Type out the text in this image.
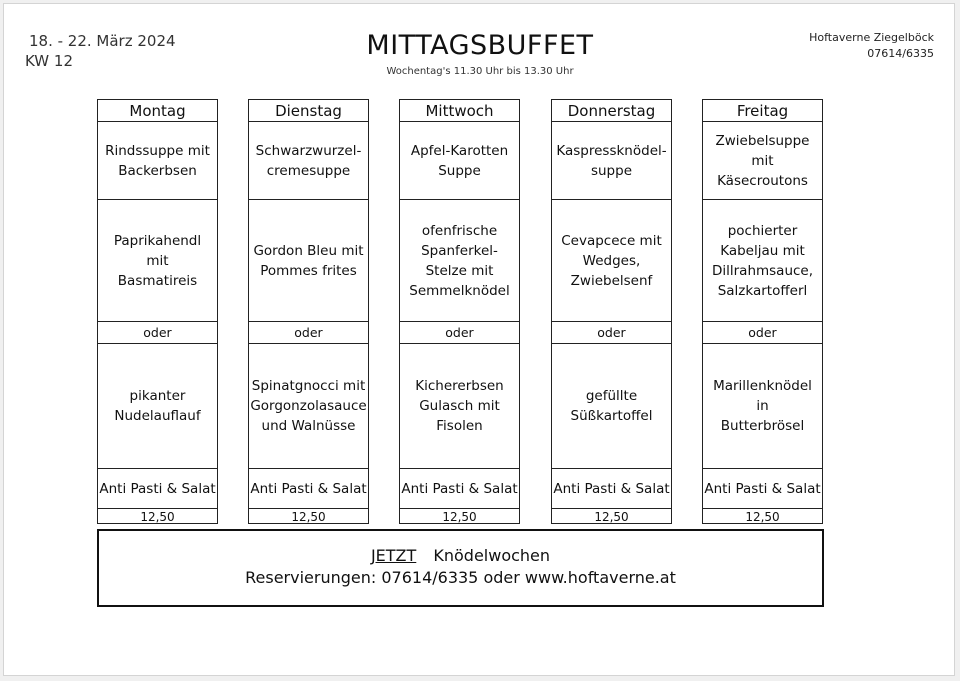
18. - 22. März 2024
KW 12	MITTAGSBUFFET
Wochentag's 11.30 Uhr bis 13.30 Uhr
Hoftaverne Ziegelböck
07614/6335
Montag
Rindssuppe mit
Backerbsen
Paprikahendl mit
Basmatireis
oder
pikanter
Nudelauflauf
Anti Pasti & Salat
12,50
Dienstag
Schwarzwurzel-
cremesuppe
Gordon Bleu mit
Pommes frites
oder
Spinatgnocci mit
Gorgonzolasauce
und Walnüsse
Anti Pasti & Salat
12,50
Mittwoch
Apfel-Karotten
Suppe
ofenfrische
Spanferkel-
Stelze mit
Semmelknödel
oder
Kichererbsen
Gulasch mit
Fisolen
Anti Pasti & Salat
12,50
Donnerstag
Kaspressknödel-
suppe
Cevapcece mit
Wedges,
Zwiebelsenf
oder
gefüllte
Süßkartoffel
Anti Pasti & Salat
12,50
Freitag
Zwiebelsuppe
mit Käsecroutons
pochierter
Kabeljau mit
Dillrahmsauce,
Salzkartofferl
oder
Marillenknödel in
Butterbrösel
Anti Pasti & Salat
12,50
JETZT Knödelwochen
Reservierungen: 07614/6335 oder www.hoftaverne.at
